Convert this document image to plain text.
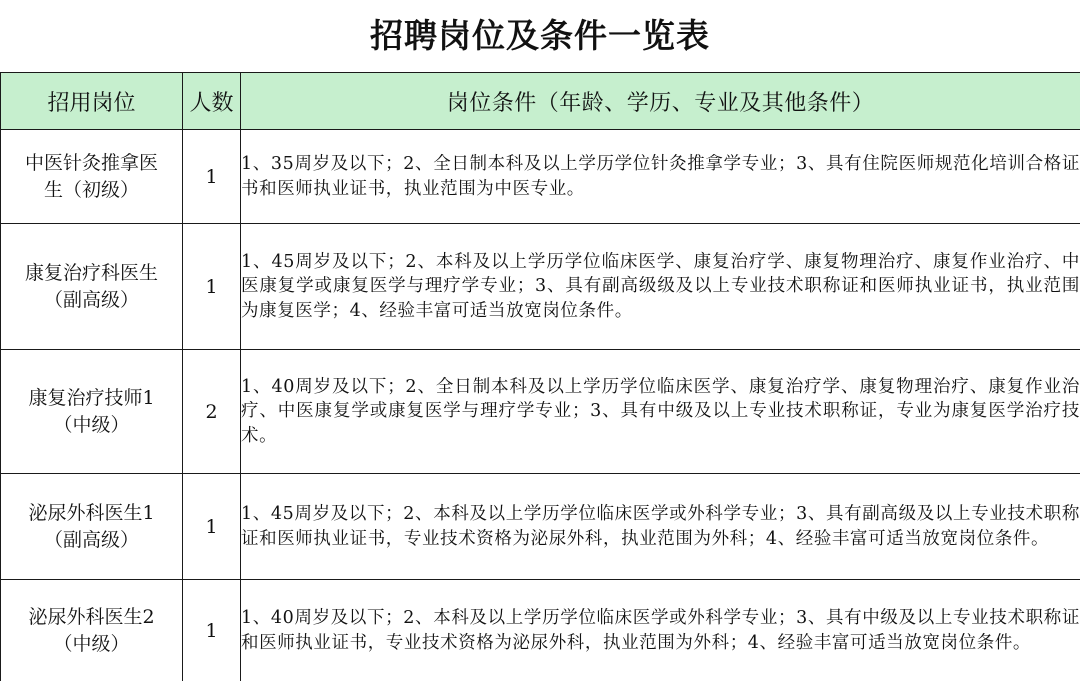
招聘岗位及条件一览表
招用岗位	人数	岗位条件（年龄、学历、专业及其他条件）
中医针灸推拿医
生（初级）	1	1、35周岁及以下；2、全日制本科及以上学历学位针灸推拿学专业；3、具有住院医师规范化培训合格证书和医师执业证书，执业范围为中医专业。
康复治疗科医生
（副高级）	1	1、45周岁及以下；2、本科及以上学历学位临床医学、康复治疗学、康复物理治疗、康复作业治疗、中医康复学或康复医学与理疗学专业；3、具有副高级级及以上专业技术职称证和医师执业证书，执业范围为康复医学；4、经验丰富可适当放宽岗位条件。
康复治疗技师1
（中级）	2	1、40周岁及以下；2、全日制本科及以上学历学位临床医学、康复治疗学、康复物理治疗、康复作业治疗、中医康复学或康复医学与理疗学专业；3、具有中级及以上专业技术职称证，专业为康复医学治疗技术。
泌尿外科医生1
（副高级）	1	1、45周岁及以下；2、本科及以上学历学位临床医学或外科学专业；3、具有副高级及以上专业技术职称证和医师执业证书，专业技术资格为泌尿外科，执业范围为外科；4、经验丰富可适当放宽岗位条件。
泌尿外科医生2
（中级）	1	1、40周岁及以下；2、本科及以上学历学位临床医学或外科学专业；3、具有中级及以上专业技术职称证和医师执业证书，专业技术资格为泌尿外科，执业范围为外科；4、经验丰富可适当放宽岗位条件。
